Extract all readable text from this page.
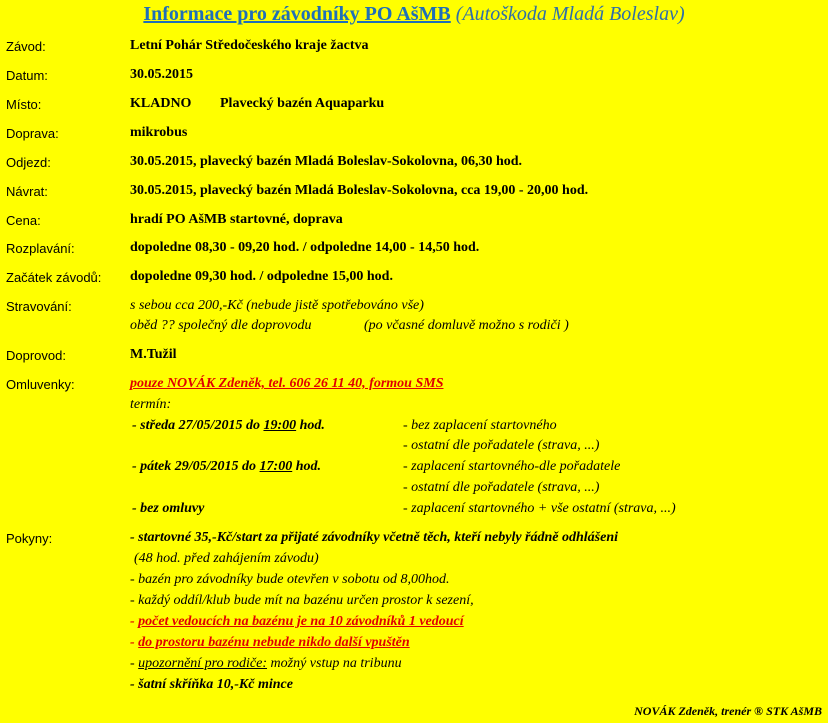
Informace pro závodníky PO AšMB (Autoškoda Mladá Boleslav)
Závod:	Letní Pohár Středočeského kraje žactva
Datum:	30.05.2015
Místo:	KLADNO Plavecký bazén Aquaparku
Doprava:	mikrobus
Odjezd:	30.05.2015, plavecký bazén Mladá Boleslav-Sokolovna, 06,30 hod.
Návrat:	30.05.2015, plavecký bazén Mladá Boleslav-Sokolovna, cca 19,00 - 20,00 hod.
Cena:	hradí PO AšMB startovné, doprava
Rozplavání:	dopoledne 08,30 - 09,20 hod. / odpoledne 14,00 - 14,50 hod.
Začátek závodů: dopoledne 09,30 hod. / odpoledne 15,00 hod.
Stravování:	s sebou cca 200,-Kč (nebude jistě spotřebováno vše)
oběd ?? společný dle doprovodu	(po včasné domluvě možno s rodiči )
Doprovod:	M.Tužil
Omluvenky:	pouze NOVÁK Zdeněk, tel. 606 26 11 40, formou SMS
termín:
- středa 27/05/2015 do 19:00 hod.	- bez zaplacení startovného
- ostatní dle pořadatele (strava, ...)
- pátek 29/05/2015 do 17:00 hod.	- zaplacení startovného-dle pořadatele
- ostatní dle pořadatele (strava, ...)
- bez omluvy	- zaplacení startovného + vše ostatní (strava, ...)
Pokyny:	- startovné 35,-Kč/start za přijaté závodníky včetně těch, kteří nebyly řádně odhlášeni
(48 hod. před zahájením závodu)
- bazén pro závodníky bude otevřen v sobotu od 8,00hod.
- každý oddíl/klub bude mít na bazénu určen prostor k sezení,
- počet vedoucích na bazénu je na 10 závodníků 1 vedoucí
- do prostoru bazénu nebude nikdo další vpuštěn
- upozornění pro rodiče: možný vstup na tribunu
- šatní skříňka 10,-Kč mince
NOVÁK Zdeněk, trenér ® STK AšMB
